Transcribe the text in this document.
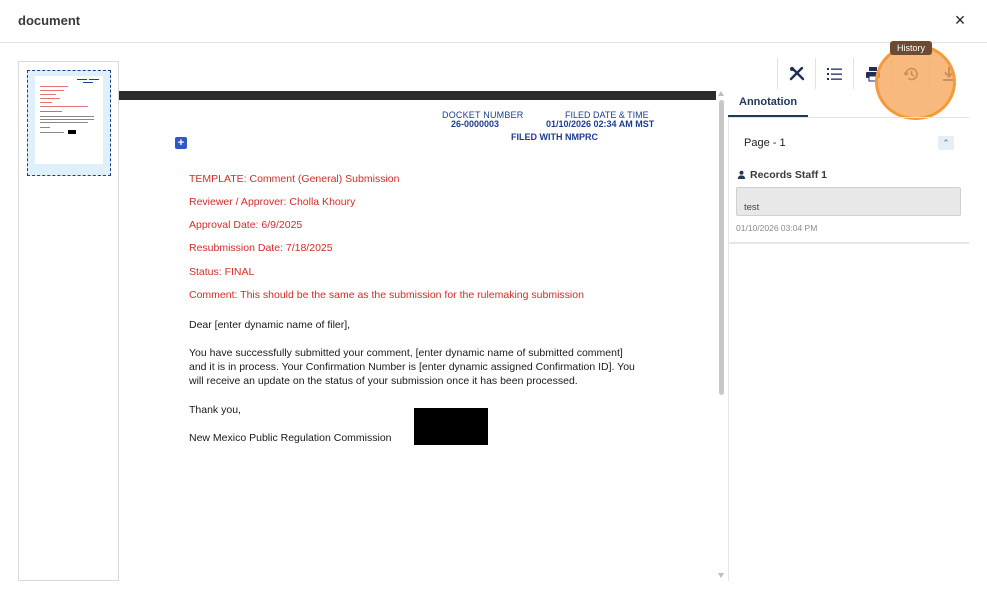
document	×
DOCKET NUMBER
26-0000003
FILED DATE & TIME
01/10/2026 02:34 AM MST
FILED WITH NMPRC
+
TEMPLATE: Comment (General) Submission
Reviewer / Approver: Cholla Khoury
Approval Date: 6/9/2025
Resubmission Date: 7/18/2025
Status: FINAL
Comment: This should be the same as the submission for the rulemaking submission
Dear [enter dynamic name of filer],
You have successfully submitted your comment, [enter dynamic name of submitted comment]
and it is in process. Your Confirmation Number is [enter dynamic assigned Confirmation ID]. You
will receive an update on the status of your submission once it has been processed.
Thank you,
New Mexico Public Regulation Commission
History
Annotation
Page - 1	⌃
Records Staff 1
test
01/10/2026 03:04 PM
